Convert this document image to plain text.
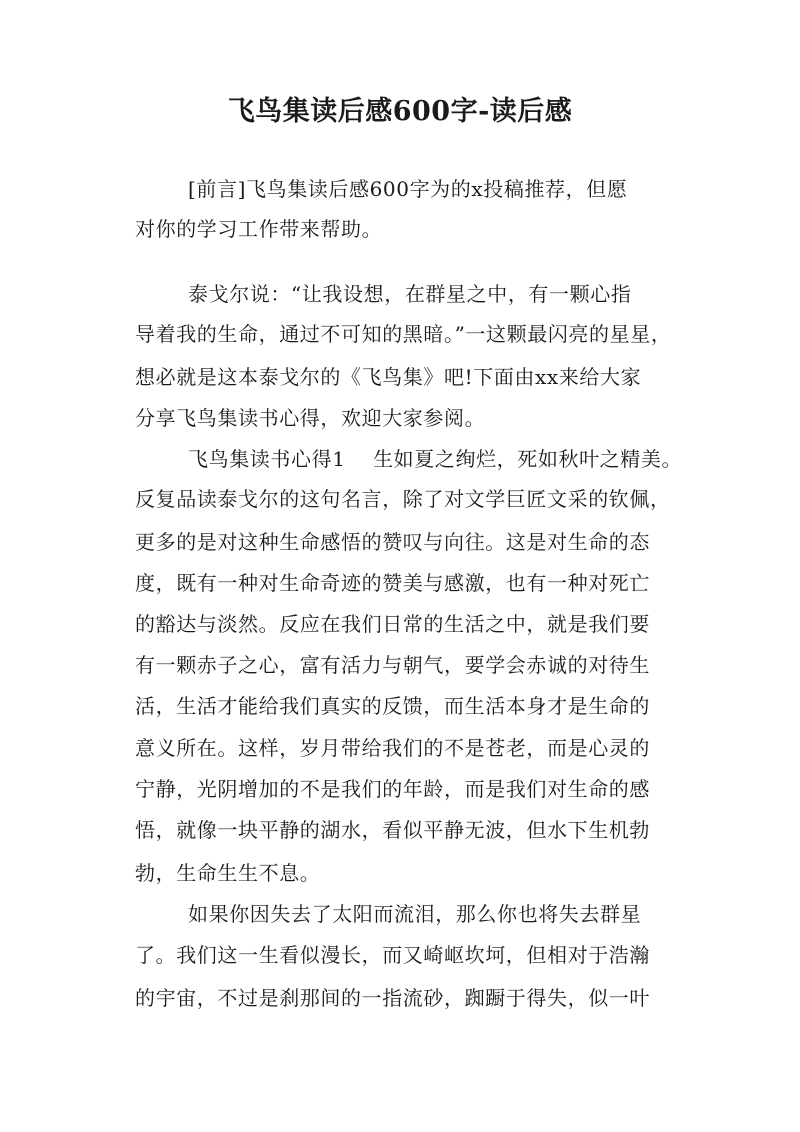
飞鸟集读后感600字-读后感
[前言]飞鸟集读后感600字为的x投稿推荐，但愿
对你的学习工作带来帮助。
泰戈尔说：“让我设想，在群星之中，有一颗心指
导着我的生命，通过不可知的黑暗。”一这颗最闪亮的星星，
想必就是这本泰戈尔的《飞鸟集》吧!下面由xx来给大家
分享飞鸟集读书心得，欢迎大家参阅。
飞鸟集读书心得1　 生如夏之绚烂，死如秋叶之精美。
反复品读泰戈尔的这句名言，除了对文学巨匠文采的钦佩，
更多的是对这种生命感悟的赞叹与向往。这是对生命的态
度，既有一种对生命奇迹的赞美与感激，也有一种对死亡
的豁达与淡然。反应在我们日常的生活之中，就是我们要
有一颗赤子之心，富有活力与朝气，要学会赤诚的对待生
活，生活才能给我们真实的反馈，而生活本身才是生命的
意义所在。这样，岁月带给我们的不是苍老，而是心灵的
宁静，光阴增加的不是我们的年龄，而是我们对生命的感
悟，就像一块平静的湖水，看似平静无波，但水下生机勃
勃，生命生生不息。
如果你因失去了太阳而流泪，那么你也将失去群星
了。我们这一生看似漫长，而又崎岖坎坷，但相对于浩瀚
的宇宙，不过是刹那间的一指流砂，踟蹰于得失，似一叶
